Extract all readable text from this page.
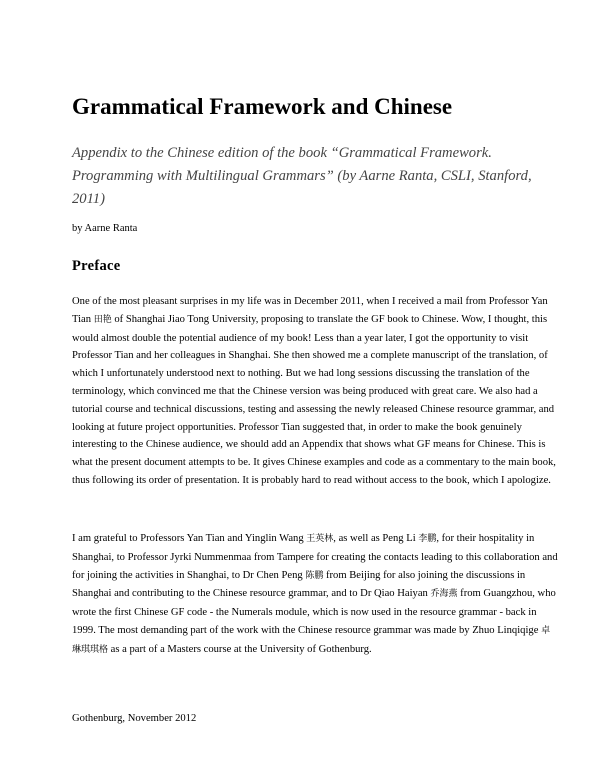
Grammatical Framework and Chinese

Appendix to the Chinese edition of the book “Grammatical Framework. Programming with Multilingual Grammars” (by Aarne Ranta, CSLI, Stanford, 2011)

by Aarne Ranta

Preface

One of the most pleasant surprises in my life was in December 2011, when I received a mail from Professor Yan Tian 田艳 of Shanghai Jiao Tong University, proposing to translate the GF book to Chinese. Wow, I thought, this would almost double the potential audience of my book! Less than a year later, I got the opportunity to visit Professor Tian and her colleagues in Shanghai. She then showed me a complete manuscript of the translation, of which I unfortunately understood next to nothing. But we had long sessions discussing the translation of the terminology, which convinced me that the Chinese version was being produced with great care. We also had a tutorial course and technical discussions, testing and assessing the newly released Chinese resource grammar, and looking at future project opportunities. Professor Tian suggested that, in order to make the book genuinely interesting to the Chinese audience, we should add an Appendix that shows what GF means for Chinese. This is what the present document attempts to be. It gives Chinese examples and code as a commentary to the main book, thus following its order of presentation. It is probably hard to read without access to the book, which I apologize.

I am grateful to Professors Yan Tian and Yinglin Wang 王英林, as well as Peng Li 李鹏, for their hospitality in Shanghai, to Professor Jyrki Nummenmaa from Tampere for creating the contacts leading to this collaboration and for joining the activities in Shanghai, to Dr Chen Peng 陈鹏 from Beijing for also joining the discussions in Shanghai and contributing to the Chinese resource grammar, and to Dr Qiao Haiyan 乔海燕 from Guangzhou, who wrote the first Chinese GF code - the Numerals module, which is now used in the resource grammar - back in 1999. The most demanding part of the work with the Chinese resource grammar was made by Zhuo Linqiqige 卓琳琪琪格 as a part of a Masters course at the University of Gothenburg.

Gothenburg, November 2012
